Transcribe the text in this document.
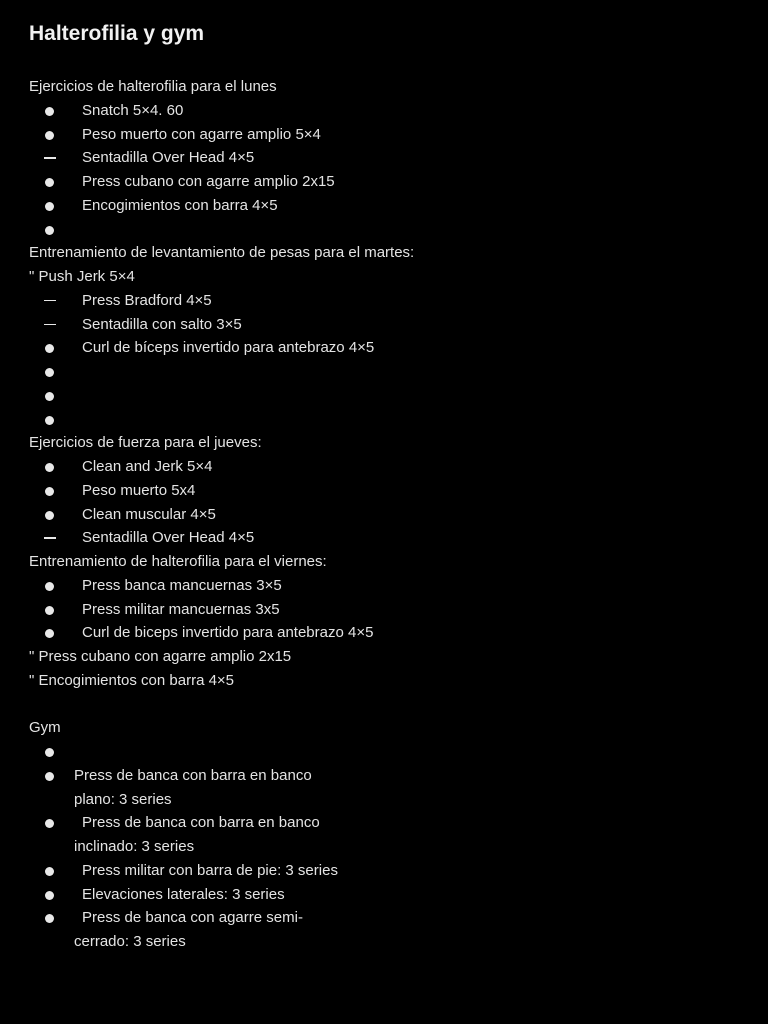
Halterofilia y gym
Ejercicios de halterofilia para el lunes
Snatch 5×4. 60
Peso muerto con agarre amplio 5×4
Sentadilla Over Head 4×5
Press cubano con agarre amplio 2x15
Encogimientos con barra 4×5
Entrenamiento de levantamiento de pesas para el martes:
" Push Jerk 5×4
Press Bradford 4×5
Sentadilla con salto 3×5
Curl de bíceps invertido para antebrazo 4×5
Ejercicios de fuerza para el jueves:
Clean and Jerk 5×4
Peso muerto 5x4
Clean muscular 4×5
Sentadilla Over Head 4×5
Entrenamiento de halterofilia para el viernes:
Press banca mancuernas 3×5
Press militar mancuernas 3x5
Curl de biceps invertido para antebrazo 4×5
" Press cubano con agarre amplio 2x15
" Encogimientos con barra 4×5
Gym
Press de banca con barra en banco
plano: 3 series
Press de banca con barra en banco
inclinado: 3 series
Press militar con barra de pie: 3 series
Elevaciones laterales: 3 series
Press de banca con agarre semi-
cerrado: 3 series
